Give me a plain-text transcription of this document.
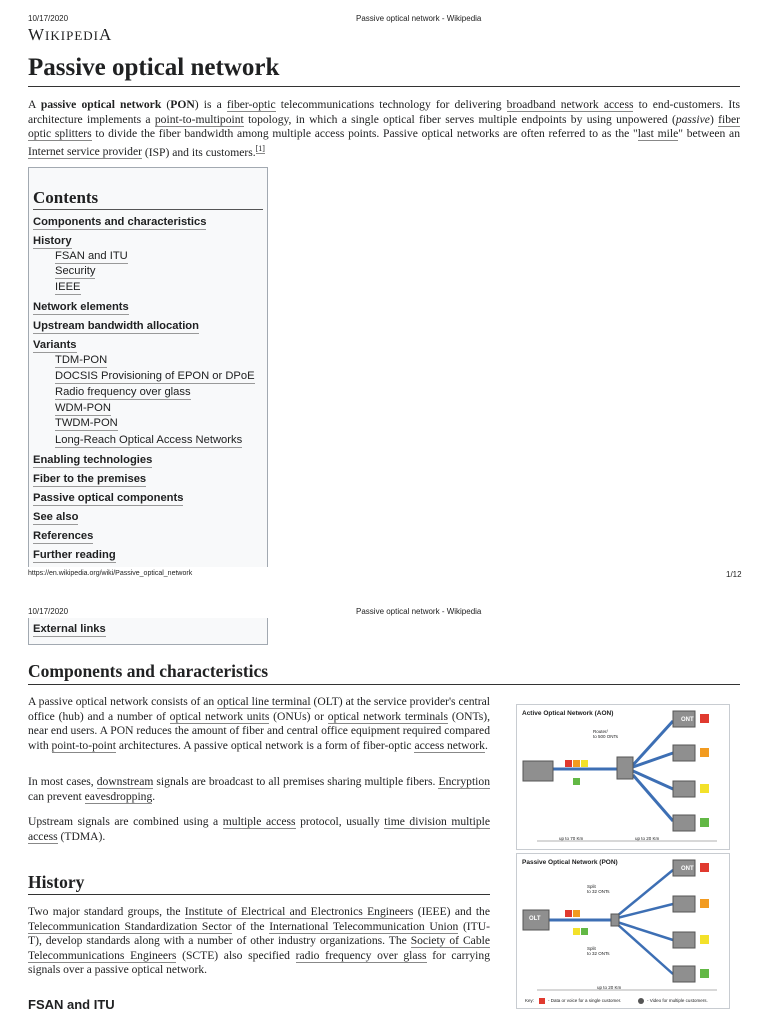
10/17/2020	Passive optical network - Wikipedia
WIKIPEDIA
Passive optical network

A passive optical network (PON) is a fiber-optic telecommunications technology for delivering broadband network access to end-customers. Its architecture implements a point-to-multipoint topology, in which a single optical fiber serves multiple endpoints by using unpowered (passive) fiber optic splitters to divide the fiber bandwidth among multiple access points. Passive optical networks are often referred to as the "last mile" between an Internet service provider (ISP) and its customers.[1]

Contents
Components and characteristics
History
FSAN and ITU
Security
IEEE
Network elements
Upstream bandwidth allocation
Variants
TDM-PON
DOCSIS Provisioning of EPON or DPoE
Radio frequency over glass
WDM-PON
TWDM-PON
Long-Reach Optical Access Networks
Enabling technologies
Fiber to the premises
Passive optical components
See also
References
Further reading
https://en.wikipedia.org/wiki/Passive_optical_network	1/12
10/17/2020	Passive optical network - Wikipedia
External links
Components and characteristics

A passive optical network consists of an optical line terminal (OLT) at the service provider's central office (hub) and a number of optical network units (ONUs) or optical network terminals (ONTs), near end users. A PON reduces the amount of fiber and central office equipment required compared with point-to-point architectures. A passive optical network is a form of fiber-optic access network.

In most cases, downstream signals are broadcast to all premises sharing multiple fibers. Encryption can prevent eavesdropping.

Upstream signals are combined using a multiple access protocol, usually time division multiple access (TDMA).

History

Two major standard groups, the Institute of Electrical and Electronics Engineers (IEEE) and the Telecommunication Standardization Sector of the International Telecommunication Union (ITU-T), develop standards along with a number of other industry organizations. The Society of Cable Telecommunications Engineers (SCTE) also specified radio frequency over glass for carrying signals over a passive optical network.

FSAN and ITU
Active Optical Network (AON)
ONT
Router/
to 500 ONTs
up to 70 Km	up to 20 Km
Passive Optical Network (PON)
OLT
ONT
Split
to 32 ONTs
Split
to 32 ONTs
up to 20 Km
Key:	- Data or voice for a single customer.	- Video for multiple customers.
